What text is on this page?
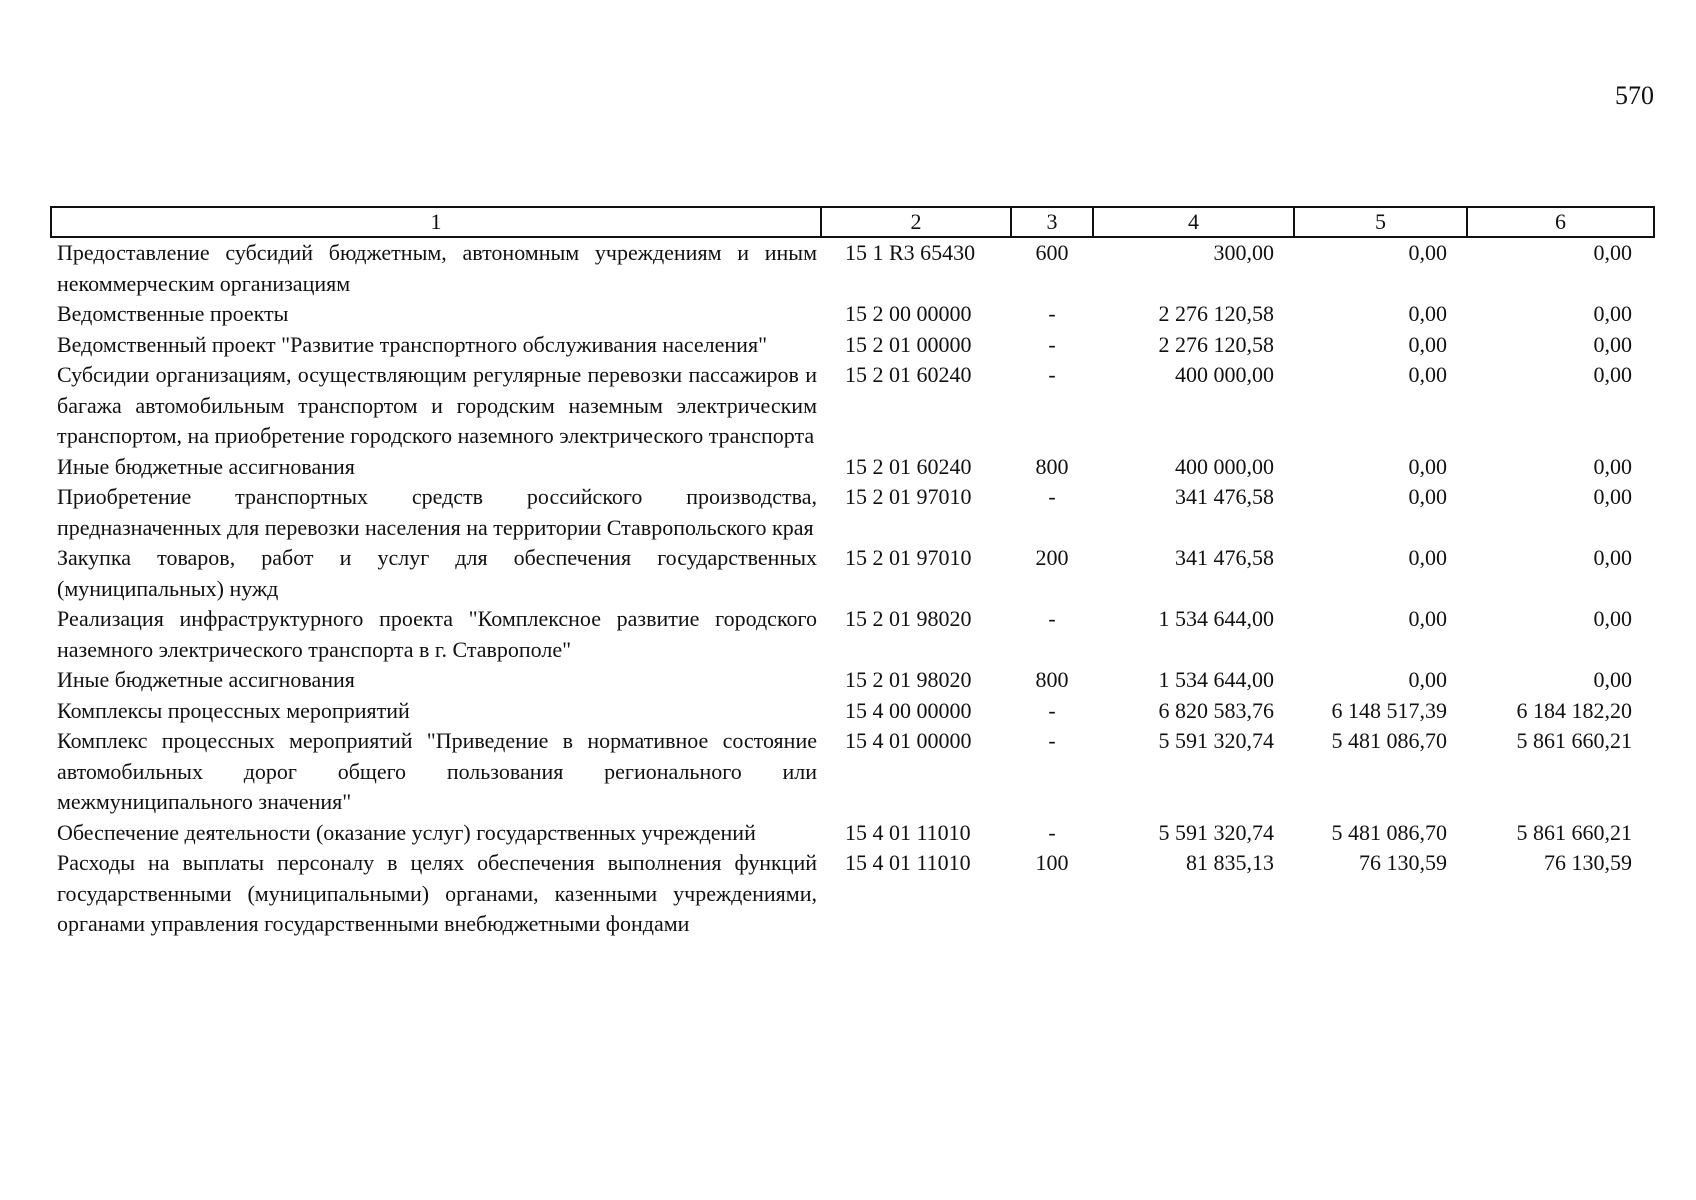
570
1	2	3	4	5	6
Предоставление субсидий бюджетным, автономным учреждениям и иным некоммерческим организациям	15 1 R3 65430	600	300,00	0,00	0,00
Ведомственные проекты	15 2 00 00000	-	2 276 120,58	0,00	0,00
Ведомственный проект "Развитие транспортного обслуживания населения"	15 2 01 00000	-	2 276 120,58	0,00	0,00
Субсидии организациям, осуществляющим регулярные перевозки пассажиров и багажа автомобильным транспортом и городским наземным электрическим транспортом, на приобретение городского наземного электрического транспорта	15 2 01 60240	-	400 000,00	0,00	0,00
Иные бюджетные ассигнования	15 2 01 60240	800	400 000,00	0,00	0,00
Приобретение транспортных средств российского производства, предназначенных для перевозки населения на территории Ставропольского края	15 2 01 97010	-	341 476,58	0,00	0,00
Закупка товаров, работ и услуг для обеспечения государственных (муниципальных) нужд	15 2 01 97010	200	341 476,58	0,00	0,00
Реализация инфраструктурного проекта "Комплексное развитие городского наземного электрического транспорта в г. Ставрополе"	15 2 01 98020	-	1 534 644,00	0,00	0,00
Иные бюджетные ассигнования	15 2 01 98020	800	1 534 644,00	0,00	0,00
Комплексы процессных мероприятий	15 4 00 00000	-	6 820 583,76	6 148 517,39	6 184 182,20
Комплекс процессных мероприятий "Приведение в нормативное состояние автомобильных дорог общего пользования регионального или межмуниципального значения"	15 4 01 00000	-	5 591 320,74	5 481 086,70	5 861 660,21
Обеспечение деятельности (оказание услуг) государственных учреждений	15 4 01 11010	-	5 591 320,74	5 481 086,70	5 861 660,21
Расходы на выплаты персоналу в целях обеспечения выполнения функций государственными (муниципальными) органами, казенными учреждениями, органами управления государственными внебюджетными фондами	15 4 01 11010	100	81 835,13	76 130,59	76 130,59
